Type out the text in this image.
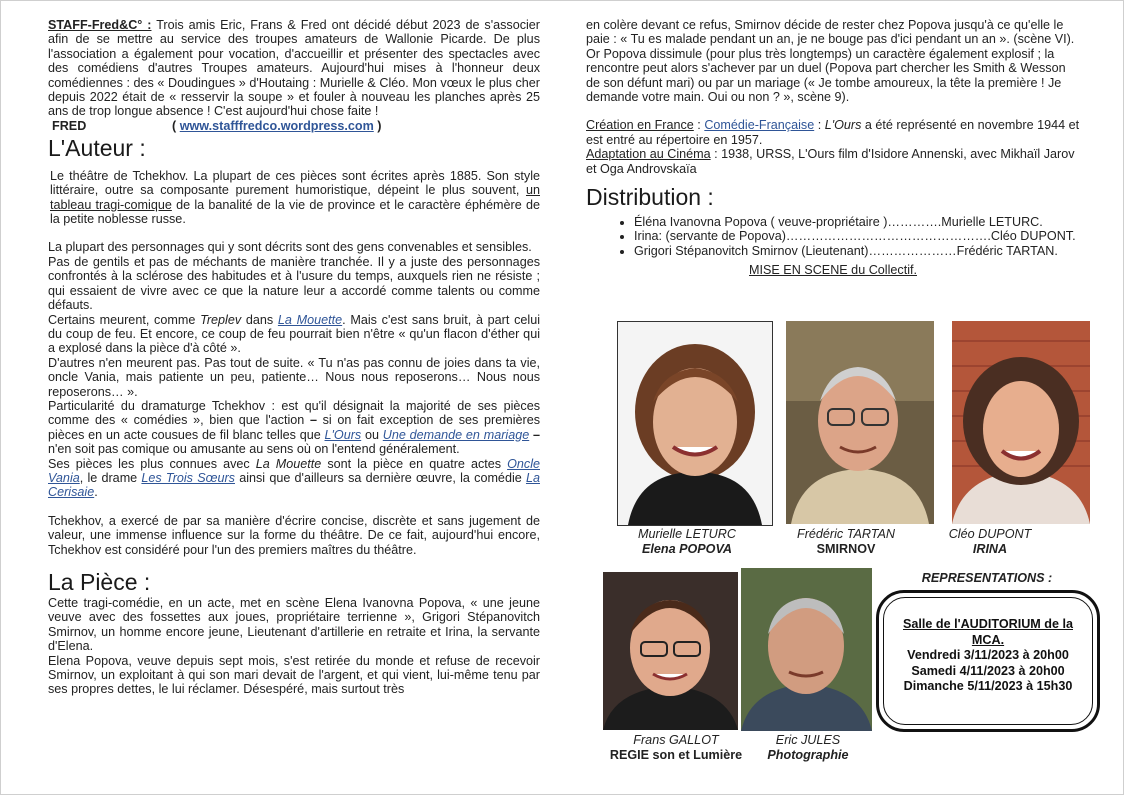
STAFF-Fred&C° : Trois amis Eric, Frans & Fred ont décidé début 2023 de s'associer afin de se mettre au service des troupes amateurs de Wallonie Picarde. De plus l'association a également pour vocation, d'accueillir et présenter des spectacles avec des comédiens d'autres Troupes amateurs. Aujourd'hui mises à l'honneur deux comédiennes : des « Doudingues » d'Houtaing : Murielle & Cléo. Mon vœux le plus cher depuis 2022 était de « resservir la soupe » et fouler à nouveau les planches après 25 ans de trop longue absence ! C'est aujourd'hui chose faite !

FRED	( www.stafffredco.wordpress.com )

L'Auteur :
Le théâtre de Tchekhov. La plupart de ces pièces sont écrites après 1885. Son style littéraire, outre sa composante purement humoristique, dépeint le plus souvent, un tableau tragi-comique de la banalité de la vie de province et le caractère éphémère de la petite noblesse russe.

La plupart des personnages qui y sont décrits sont des gens convenables et sensibles.

Pas de gentils et pas de méchants de manière tranchée. Il y a juste des personnages confrontés à la sclérose des habitudes et à l'usure du temps, auxquels rien ne résiste ; qui essaient de vivre avec ce que la nature leur a accordé comme talents ou comme défauts.

Certains meurent, comme Treplev dans La Mouette. Mais c'est sans bruit, à part celui du coup de feu. Et encore, ce coup de feu pourrait bien n'être « qu'un flacon d'éther qui a explosé dans la pièce d'à côté ».

D'autres n'en meurent pas. Pas tout de suite. « Tu n'as pas connu de joies dans ta vie, oncle Vania, mais patiente un peu, patiente… Nous nous reposerons… Nous nous reposerons… ».

Particularité du dramaturge Tchekhov : est qu'il désignait la majorité de ses pièces comme des « comédies », bien que l'action – si on fait exception de ses premières pièces en un acte cousues de fil blanc telles que L'Ours ou Une demande en mariage – n'en soit pas comique ou amusante au sens où on l'entend généralement.

Ses pièces les plus connues avec La Mouette sont la pièce en quatre actes Oncle Vania, le drame Les Trois Sœurs ainsi que d'ailleurs sa dernière œuvre, la comédie La Cerisaie.

Tchekhov, a exercé de par sa manière d'écrire concise, discrète et sans jugement de valeur, une immense influence sur la forme du théâtre. De ce fait, aujourd'hui encore, Tchekhov est considéré pour l'un des premiers maîtres du théâtre.

La Pièce :

Cette tragi-comédie, en un acte, met en scène Elena Ivanovna Popova, « une jeune veuve avec des fossettes aux joues, propriétaire terrienne », Grigori Stépanovitch Smirnov, un homme encore jeune, Lieutenant d'artillerie en retraite et Irina, la servante d'Elena.

Elena Popova, veuve depuis sept mois, s'est retirée du monde et refuse de recevoir Smirnov, un exploitant à qui son mari devait de l'argent, et qui vient, lui-même tenu par ses propres dettes, le lui réclamer. Désespéré, mais surtout très

en colère devant ce refus, Smirnov décide de rester chez Popova jusqu'à ce qu'elle le paie : « Tu es malade pendant un an, je ne bouge pas d'ici pendant un an ». (scène VI).

Or Popova dissimule (pour plus très longtemps) un caractère également explosif ; la rencontre peut alors s'achever par un duel (Popova part chercher les Smith & Wesson de son défunt mari) ou par un mariage (« Je tombe amoureux, la tête la première ! Je demande votre main. Oui ou non ? », scène 9).

Création en France : Comédie-Française : L'Ours a été représenté en novembre 1944 et est entré au répertoire en 1957.

Adaptation au Cinéma : 1938, URSS, L'Ours film d'Isidore Annenski, avec Mikhaïl Jarov et Oga Androvskaïa

Distribution :
• Éléna Ivanovna Popova ( veuve-propriétaire )………….Murielle LETURC.
• Irina: (servante de Popova)………………………………………….Cléo DUPONT.
• Grigori Stépanovitch Smirnov (Lieutenant)…………………Frédéric TARTAN.

MISE EN SCENE du Collectif.

Murielle LETURC
Elena POPOVA
Frédéric TARTAN
SMIRNOV
Cléo DUPONT
IRINA
Frans GALLOT
REGIE son et Lumière
Eric JULES
Photographie
REPRESENTATIONS :
Salle de l'AUDITORIUM de la MCA.
Vendredi 3/11/2023 à 20h00
Samedi 4/11/2023 à 20h00
Dimanche 5/11/2023 à 15h30
